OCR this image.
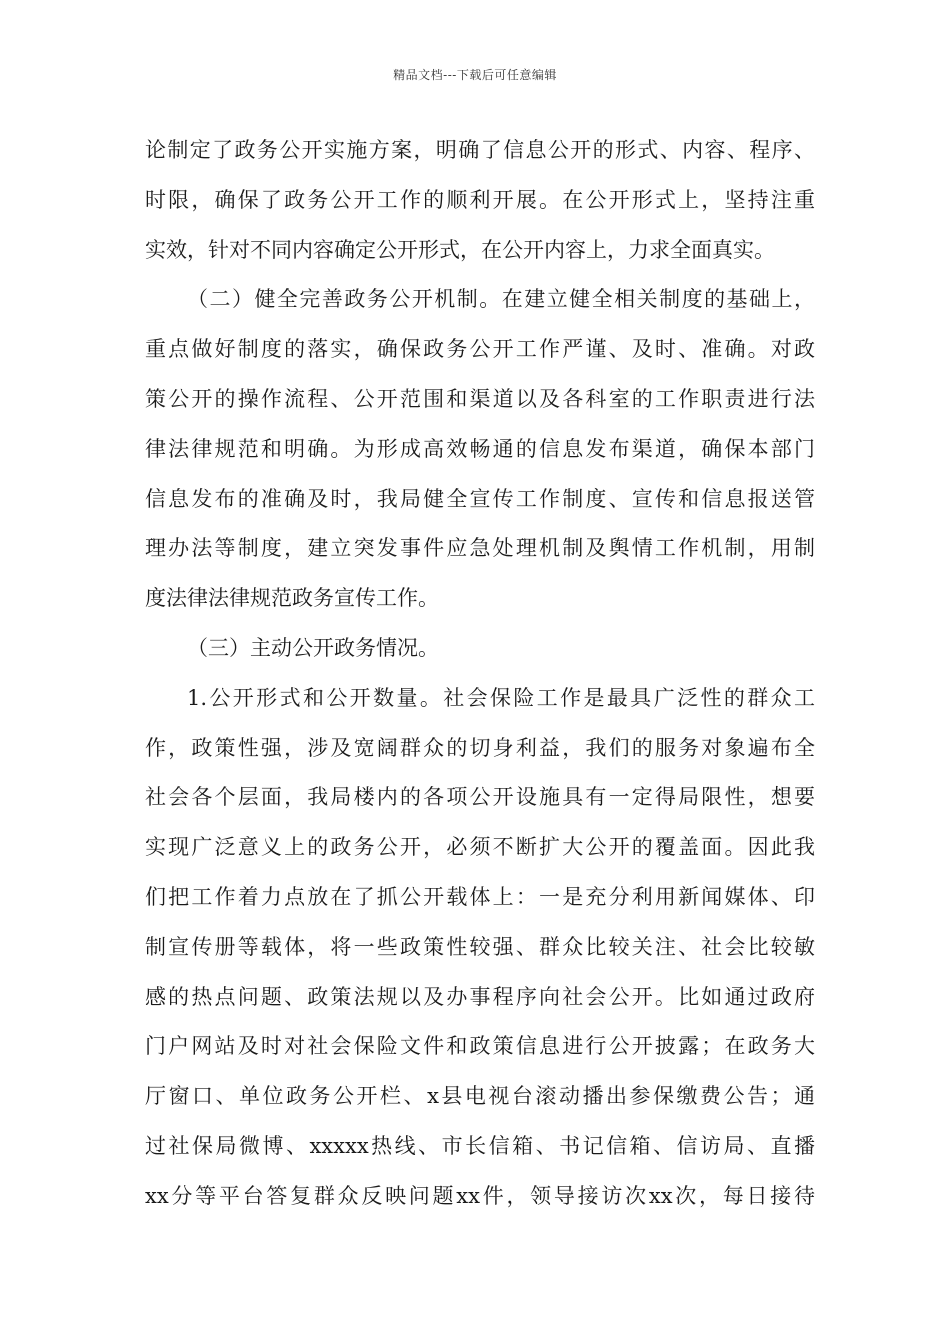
精品文档---下载后可任意编辑
论制定了政务公开实施方案，明确了信息公开的形式、内容、程序、
时限，确保了政务公开工作的顺利开展。在公开形式上，坚持注重
实效，针对不同内容确定公开形式，在公开内容上，力求全面真实。
（二）健全完善政务公开机制。在建立健全相关制度的基础上，
重点做好制度的落实，确保政务公开工作严谨、及时、准确。对政
策公开的操作流程、公开范围和渠道以及各科室的工作职责进行法
律法律规范和明确。为形成高效畅通的信息发布渠道，确保本部门
信息发布的准确及时，我局健全宣传工作制度、宣传和信息报送管
理办法等制度，建立突发事件应急处理机制及舆情工作机制，用制
度法律法律规范政务宣传工作。
（三）主动公开政务情况。
1.公开形式和公开数量。社会保险工作是最具广泛性的群众工
作，政策性强，涉及宽阔群众的切身利益，我们的服务对象遍布全
社会各个层面，我局楼内的各项公开设施具有一定得局限性，想要
实现广泛意义上的政务公开，必须不断扩大公开的覆盖面。因此我
们把工作着力点放在了抓公开载体上：一是充分利用新闻媒体、印
制宣传册等载体，将一些政策性较强、群众比较关注、社会比较敏
感的热点问题、政策法规以及办事程序向社会公开。比如通过政府
门户网站及时对社会保险文件和政策信息进行公开披露；在政务大
厅窗口、单位政务公开栏、x县电视台滚动播出参保缴费公告；通
过社保局微博、xxxxx热线、市长信箱、书记信箱、信访局、直播
xx分等平台答复群众反映问题xx件，领导接访次xx次，每日接待
